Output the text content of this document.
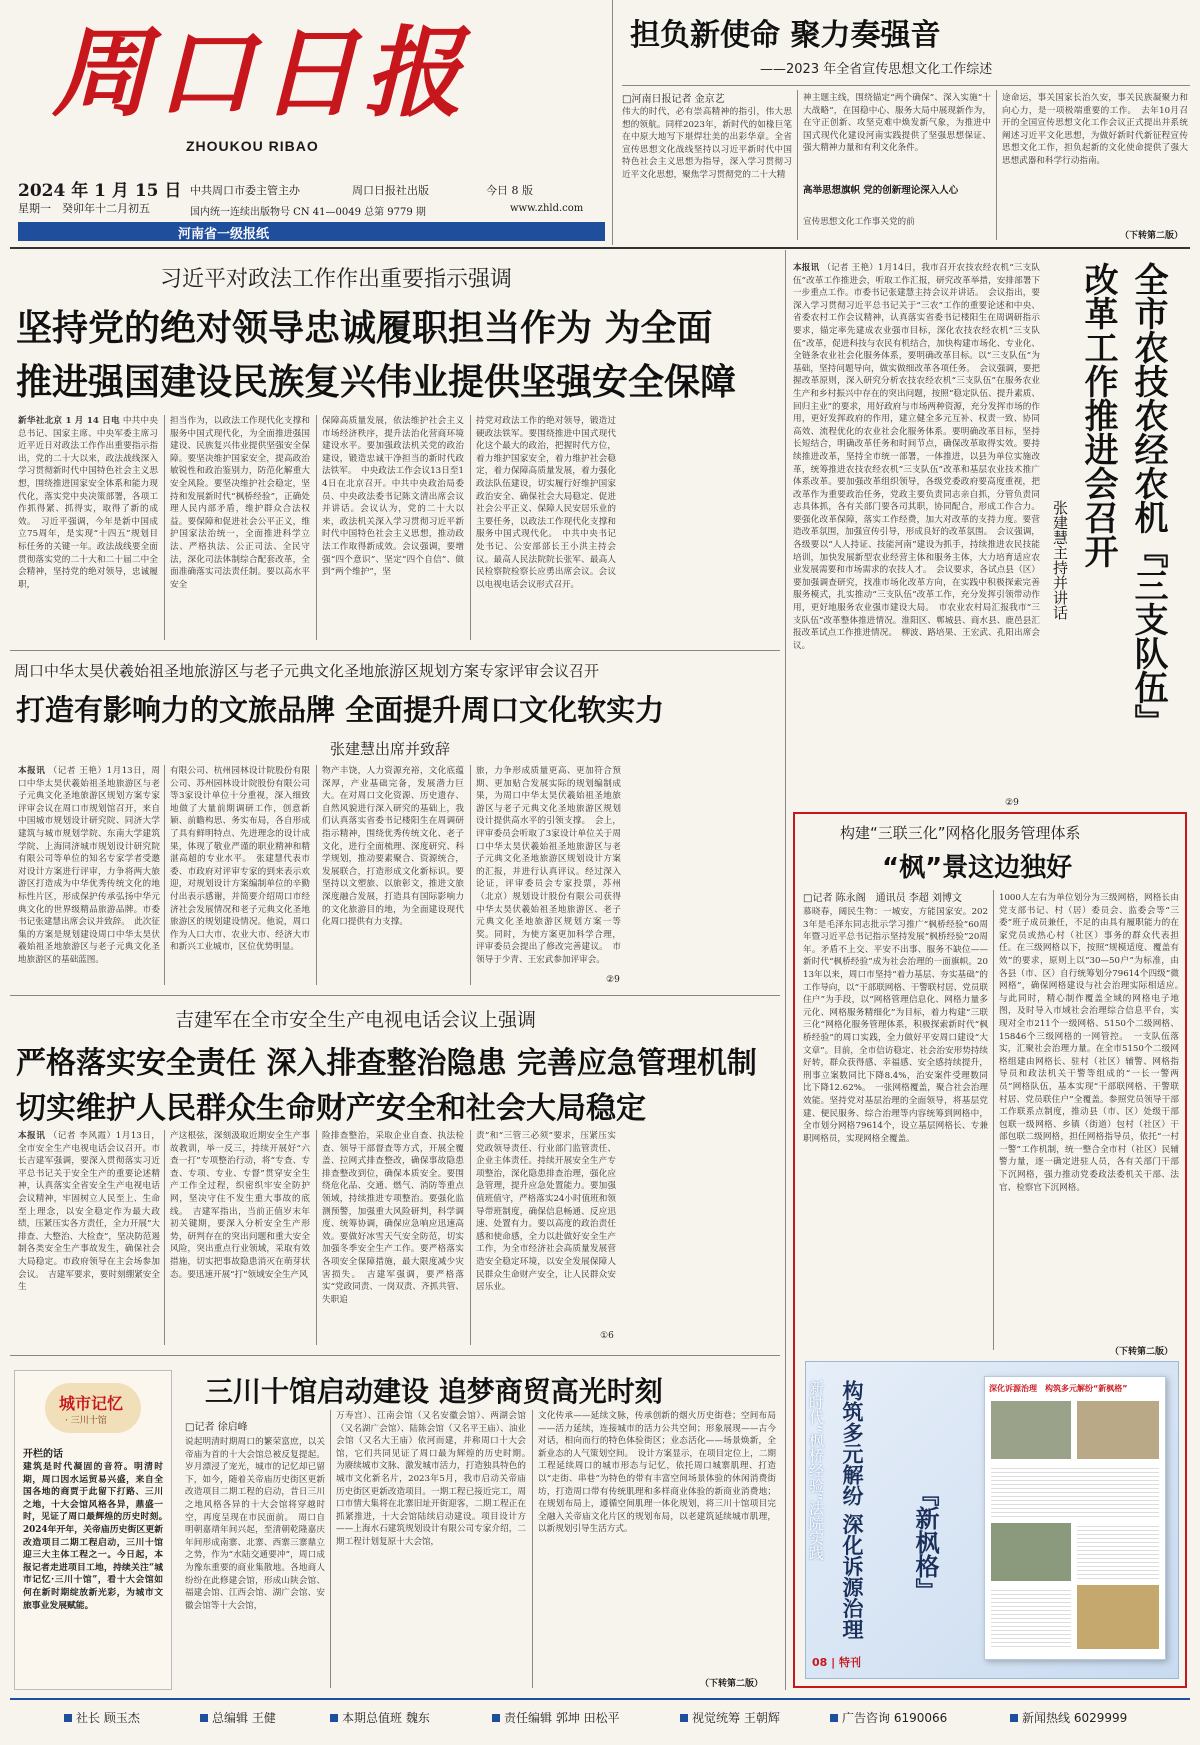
周口日报
ZHOUKOU RIBAO
2024 年 1 月 15 日
星期一　癸卯年十二月初五
中共周口市委主管主办	周口日报社出版	今日 8 版
国内统一连续出版物号 CN 41—0049 总第 9779 期	www.zhld.com
河南省一级报纸
担负新使命 聚力奏强音
——2023 年全省宣传思想文化工作综述
□河南日报记者 金京艺
伟大的时代，必有崇高精神的指引，伟大思想的领航。同样2023年，新时代的如椽巨笔在中原大地写下堪焊壮美的出彩华章。全省宣传思想文化战线坚持以习近平新时代中国特色社会主义思想为指导，深入学习贯彻习近平文化思想，聚焦学习贯彻党的二十大精
神主题主线，围绕锚定“两个确保”、深入实施“十大战略”，在国稳中心、服务大局中展现新作为，在守正创新、攻坚克难中焕发新气象，为推进中国式现代化建设河南实践提供了坚强思想保证、强大精神力量和有利文化条件。
高举思想旗帜 党的创新理论深入人心
宣传思想文化工作事关党的前
途命运，事关国家长治久安，事关民族凝聚力和向心力，是一项极端重要的工作。　去年10月召开的全国宣传思想文化工作会议正式提出并系统阐述习近平文化思想，为做好新时代新征程宣传思想文化工作，担负起新的文化使命提供了强大思想武器和科学行动指南。
（下转第二版）
习近平对政法工作作出重要指示强调
坚持党的绝对领导忠诚履职担当作为 为全面
推进强国建设民族复兴伟业提供坚强安全保障
新华社北京 1 月 14 日电 中共中央总书记、国家主席、中央军委主席习近平近日对政法工作作出重要指示指出，党的二十大以来，政法战线深入学习贯彻新时代中国特色社会主义思想，围绕推进国家安全体系和能力现代化，落实党中央决策部署，各项工作抓得紧、抓得实，取得了新的成效。　习近平强调，今年是新中国成立75周年，是实现“十四五”规划目标任务的关键一年。政法战线要全面贯彻落实党的二十大和二十届二中全会精神，坚持党的绝对领导，忠诚履职，
担当作为，以政法工作现代化支撑和服务中国式现代化，为全面推进强国建设、民族复兴伟业提供坚强安全保障。要坚决维护国家安全，提高政治敏锐性和政治鉴别力，防范化解重大安全风险。要坚决维护社会稳定，坚持和发展新时代“枫桥经验”，正确处理人民内部矛盾，维护群众合法权益。要保障和促进社会公平正义，维护国家法治统一，全面推进科学立法、严格执法、公正司法、全民守法，深化司法体制综合配套改革，全面准确落实司法责任制。要以高水平安全
保障高质量发展，依法维护社会主义市场经济秩序，提升法治化营商环境建设水平。要加强政法机关党的政治建设，锻造忠诚干净担当的新时代政法铁军。　中央政法工作会议13日至14日在北京召开。中共中央政治局委员、中央政法委书记陈文清出席会议并讲话。会议认为，党的二十大以来，政法机关深入学习贯彻习近平新时代中国特色社会主义思想，推动政法工作取得新成效。会议强调，要增强“四个意识”、坚定“四个自信”、做到“两个维护”，坚
持党对政法工作的绝对领导，锻造过硬政法铁军。要围绕推进中国式现代化这个最大的政治，把握时代方位，着力维护国家安全，着力维护社会稳定，着力保障高质量发展，着力强化政法队伍建设，切实履行好维护国家政治安全、确保社会大局稳定、促进社会公平正义、保障人民安居乐业的主要任务，以政法工作现代化支撑和服务中国式现代化。　中共中央书记处书记、公安部部长王小洪主持会议。最高人民法院院长张军、最高人民检察院检察长应勇出席会议。会议以电视电话会议形式召开。
周口中华太昊伏羲始祖圣地旅游区与老子元典文化圣地旅游区规划方案专家评审会议召开
打造有影响力的文旅品牌 全面提升周口文化软实力
张建慧出席并致辞
本报讯 （记者 王艳）1月13日，周口中华太昊伏羲始祖圣地旅游区与老子元典文化圣地旅游区规划方案专家评审会议在周口市规划馆召开，来自中国城市规划设计研究院、同济大学建筑与城市规划学院、东南大学建筑学院、上海同济城市规划设计研究院有限公司等单位的知名专家学者受邀对设计方案进行评审，力争将两大旅游区打造成为中华优秀传统文化的地标性片区，形成保护传承弘扬中华元典文化的世界级精品旅游品牌。市委书记张建慧出席会议并致辞。　此次征集的方案是规划建设周口中华太昊伏羲始祖圣地旅游区与老子元典文化圣地旅游区的基础蓝图。
有限公司、杭州园林设计院股份有限公司、苏州园林设计院股份有限公司等3家设计单位十分重视，深入细致地做了大量前期调研工作，创意新颖、前瞻构思、务实布局，各自形成了具有鲜明特点、先进理念的设计成果，体现了敬业严谨的职业精神和精湛高超的专业水平。　张建慧代表市委、市政府对评审专家的到来表示欢迎，对规划设计方案编制单位的辛勤付出表示感谢，并简要介绍周口市经济社会发展情况和老子元典文化圣地旅游区的规划建设情况。他说，周口作为人口大市、农业大市、经济大市和新兴工业城市，区位优势明显。
物产丰饶，人力资源充裕，文化底蕴深厚，产业基础完备，发展潜力巨大。在对周口文化资源、历史遗存、自然风貌进行深入研究的基础上，我们认真落实省委书记楼阳生在周调研指示精神，围绕优秀传统文化、老子文化，进行全面梳理、深度研究、科学规划，推动要素聚合、资源统合，发展联合，打造形成文化新标识。要坚持以文塑旅、以旅彰文，推进文旅深度融合发展，打造具有国际影响力的文化旅游目的地，为全面建设现代化周口提供有力支撑。
旅，力争形成质量更高、更加符合预期、更加贴合发展实际的规划编制成果，为周口中华太昊伏羲始祖圣地旅游区与老子元典文化圣地旅游区规划设计提供高水平的引领支撑。　会上，评审委员会听取了3家设计单位关于周口中华太昊伏羲始祖圣地旅游区与老子元典文化圣地旅游区规划设计方案的汇报，并进行认真评议。经过深入论证，评审委员会专家投票，苏州（北京）规划设计股份有限公司获得中华太昊伏羲始祖圣地旅游区、老子元典文化圣地旅游区规划方案一等奖。同时，为使方案更加科学合理，评审委员会提出了修改完善建议。　市领导于少青、王宏武参加评审会。
②9
吉建军在全市安全生产电视电话会议上强调
严格落实安全责任 深入排查整治隐患 完善应急管理机制
切实维护人民群众生命财产安全和社会大局稳定
本报讯 （记者 李风霞）1月13日，全市安全生产电视电话会议召开。市长吉建军强调，要深入贯彻落实习近平总书记关于安全生产的重要论述精神，认真落实全省安全生产电视电话会议精神，牢固树立人民至上、生命至上理念，以安全稳定作为最大政绩，压紧压实各方责任，全力开展“大排查、大整治、大检查”，坚决防范遏制各类安全生产事故发生，确保社会大局稳定。市政府领导在主会场参加会议。　吉建军要求，要时刻绷紧安全生
产这根弦，深刻汲取近期安全生产事故教训，举一反三，持续开展好“六查一打”专项整治行动，将“专查、专查、专项、专业、专督”贯穿安全生产工作全过程，织密织牢安全防护网，坚决守住不发生重大事故的底线。　吉建军指出，当前正值岁末年初关键期，要深入分析安全生产形势，研判存在的突出问题和重大安全风险，突出重点行业领域，采取有效措施，切实把事故隐患消灭在萌芽状态。要迅速开展“打”领域安全生产风
险排查整治，采取企业自查、执法检查、领导干部督查等方式，开展全覆盖、拉网式排查整改，确保事故隐患排查整改到位，确保本质安全。要围绕危化品、交通、燃气、消防等重点领域，持续推进专项整治。要强化监测预警，加强重大风险研判，科学调度、统筹协调，确保应急响应迅速高效。要做好冰雪天气安全防范，切实加强冬季安全生产工作。要严格落实各项安全保障措施，最大限度减少灾害损失。　吉建军强调，要严格落实“党政同责、一岗双责、齐抓共管、失职追
责”和“三管三必须”要求，压紧压实党政领导责任、行业部门监管责任、企业主体责任。持续开展安全生产专项整治，深化隐患排查治理，强化应急管理，提升应急处置能力。要加强值班值守，严格落实24小时值班和领导带班制度，确保信息畅通、反应迅速、处置有力。要以高度的政治责任感和使命感，全力以赴做好安全生产工作，为全市经济社会高质量发展营造安全稳定环境，以安全发展保障人民群众生命财产安全，让人民群众安居乐业。
①6
全市农技农经农机『三支队伍』
改革工作推进会召开
张建慧主持并讲话
本报讯 （记者 王艳）1月14日，我市召开农技农经农机“三支队伍”改革工作推进会，听取工作汇报，研究改革举措，安排部署下一步重点工作。市委书记张建慧主持会议并讲话。　会议指出，要深入学习贯彻习近平总书记关于“三农”工作的重要论述和中央、省委农村工作会议精神，认真落实省委书记楼阳生在周调研指示要求，锚定率先建成农业强市目标，深化农技农经农机“三支队伍”改革，促进科技与农民有机结合，加快构建市场化、专业化、全链条农业社会化服务体系，要明确改革目标。以“三支队伍”为基础，坚持问题导向，做实做细改革各项任务。　会议强调，要把握改革原则，深入研究分析农技农经农机“三支队伍”在服务农业生产和乡村振兴中存在的突出问题，按照“稳定队伍、提升素质、回归主业”的要求，用好政府与市场两种资源，充分发挥市场的作用，更好发挥政府的作用，建立健全多元互补、权责一致、协同高效、流程优化的农业社会化服务体系。要明确改革目标，坚持长短结合，明确改革任务和时间节点，确保改革取得实效。要持续推进改革，坚持全市统一部署，一体推进，以县为单位实施改革，统筹推进农技农经农机“三支队伍”改革和基层农业技术推广体系改革。要加强改革组织领导，各级党委政府要高度重视，把改革作为重要政治任务，党政主要负责同志亲自抓，分管负责同志具体抓，各有关部门要各司其职，协同配合，形成工作合力。要强化改革保障，落实工作经费，加大对改革的支持力度。要营造改革氛围，加强宣传引导，形成良好的改革氛围。　会议强调，各级要以“人人持证、技能河南”建设为抓手，持续推进农民技能培训，加快发展新型农业经营主体和服务主体，大力培育适应农业发展需要和市场需求的农技人才。　会议要求，各试点县（区）要加强调查研究，找准市场化改革方向，在实践中积极探索完善服务模式，扎实推动“三支队伍”改革工作，充分发挥引领带动作用，更好地服务农业强市建设大局。　市农业农村局汇报我市“三支队伍”改革整体推进情况。淮阳区、郸城县、商水县、鹿邑县汇报改革试点工作推进情况。　柳波、路培果、王宏武、孔阳出席会议。
②9
构建“三联三化”网格化服务管理体系
“枫”景这边独好
□记者 陈永阁　通讯员 李超 刘博文
慕晓春，阔民生物：一城安，方能国家安。2023年是毛泽东同志批示学习推广“枫桥经验”60周年暨习近平总书记指示坚持发展“枫桥经验”20周年。矛盾不上交、平安不出事、服务不缺位——新时代“枫桥经验”成为社会治理的一面旗帜。2013年以来，周口市坚持“着力基层、夯实基础”的工作导向，以“干部联网格、干警联村居、党员联住户”为手段，以“网格管理信息化、网格力量多元化、网格服务精细化”为目标，着力构建“三联三化”网格化服务管理体系，积极探索新时代“枫桥经验”的周口实践，全力做好平安周口建设“大文章”。目前，全市信访稳定、社会治安形势持续好转，群众获得感、幸福感、安全感持续提升，刑事立案数同比下降8.4%，治安案件受理数同比下降12.62%。　一张网格覆盖，聚合社会治理效能。坚持党对基层治理的全面领导，将基层党建、便民服务、综合治理等内容统筹到网格中，全市划分网格79614个，设立基层网格长、专兼职网格员，实现网格全覆盖。
1000人左右为单位划分为三级网格，网格长由党支部书记、村（居）委员会、监委会等“三委”班子成员兼任，不足的由具有履职能力的在家党员或热心村（社区）事务的群众代表担任。在三级网格以下，按照“规模适度、覆盖有效”的要求，原则上以“30—50户”为标准，由各县（市、区）自行统筹划分79614个四级“微网格”，确保网格建设与社会治理实际相适应。　与此同时，精心制作覆盖全域的网格电子地图，及时导入市域社会治理综合信息平台，实现对全市211个一级网格、5150个二级网格、15846个三级网格的一网管控。　一支队伍落实，汇聚社会治理力量。在全市5150个二级网格组建由网格长、驻村（社区）辅警、网格指导员和政法机关干警等组成的“一长一警两员”网格队伍，基本实现“干部联网格、干警联村居、党员联住户”全覆盖。参照党员领导干部工作联系点制度，推动县（市、区）处级干部包联一级网格、乡镇（街道）包村（社区）干部包联二级网格，担任网格指导员，依托“一村一警”工作机制，统一整合全市村（社区）民辅警力量，逐一确定进驻人员，各有关部门干部下沉网格，强力推动党委政法委机关干部、法官、检察官下沉网格。
（下转第二版）
新时代“枫桥经验”法院实践 构筑多元解纷 深化诉源治理 『新枫格』
深化诉源治理　构筑多元解纷“新枫格”
08 | 特刊
城市记忆
· 三川十馆
开栏的话
建筑是时代凝固的音符。明清时期，周口因水运贸易兴盛，来自全国各地的商贾于此留下打路、三川之地，十大会馆风格各异，鼎盛一时，见证了周口最辉煌的历史时刻。　2024年开年，关帝庙历史街区更新改造项目二期工程启动，三川十馆迎三大主体工程之一。今日起，本报记者走进项目工地，持续关注“城市记忆·三川十馆”，看十大会馆如何在新时期绽放新光彩，为城市文旅事业发展赋能。
三川十馆启动建设 追梦商贸高光时刻
□记者 徐启峰
说起明清时期周口的繁荣富庶，以关帝庙为首的十大会馆总被反复提起。岁月漂浸了宠光，城市的记忆却已留下，如今，随着关帝庙历史街区更新改造项目二期工程的启动，昔日三川之地风格各异的十大会馆将穿越时空，再度呈现在市民面前。　周口自明朝嘉靖年间兴起，至清朝乾隆嘉庆年间形成南寨、北寨、西寨三寨鼎立之势，作为“水陆交通要冲”，周口成为豫东重要的商业集散地。各地商人纷纷在此修建会馆，形成山陕会馆、福建会馆、江西会馆、湖广会馆、安徽会馆等十大会馆，
万寿宫）、江南会馆（又名安徽会馆）、两湖会馆（又名湖广会馆）、陆陈会馆（又名平王庙）、油业会馆（又名大王庙）依河而建，并称周口十大会馆，它们共同见证了周口最为辉煌的历史时期。　为赓续城市文脉、激发城市活力，打造独具特色的城市文化新名片，2023年5月，我市启动关帝庙历史街区更新改造项目。一期工程已接近完工，周口市情大集将在北寨旧址开街迎客，二期工程正在抓紧推进，十大会馆陆续启动建设。项目设计方——上海水石建筑规划设计有限公司专家介绍，二期工程计划复原十大会馆，
文化传承——延续文脉，传承创新的烟火历史街巷；空间布局——活力延续，连接城市的活力公共空间；形象展现——古今对话，相向而行的特色体验街区；业态活化——场景焕新，全新业态的人气策划空间。　设计方案显示，在项目定位上，二期工程延续周口的城市形态与记忆，依托周口城寨肌理、打造以“走街、串巷”为特色的带有丰富空间场景体验的休闲消费街坊，打造周口带有传统肌理和多样商业体验的新商业消费地；在规划布局上，遵循空间肌理一体化规划，将三川十馆项目完全融入关帝庙文化片区的规划布局，以老建筑延续城市肌理，以新规划引导生活方式。
（下转第二版）
社长 顾玉杰	总编辑 王健	本期总值班 魏东	责任编辑 郭坤 田松平	视觉统筹 王朝辉	广告咨询 6190066	新闻热线 6029999
